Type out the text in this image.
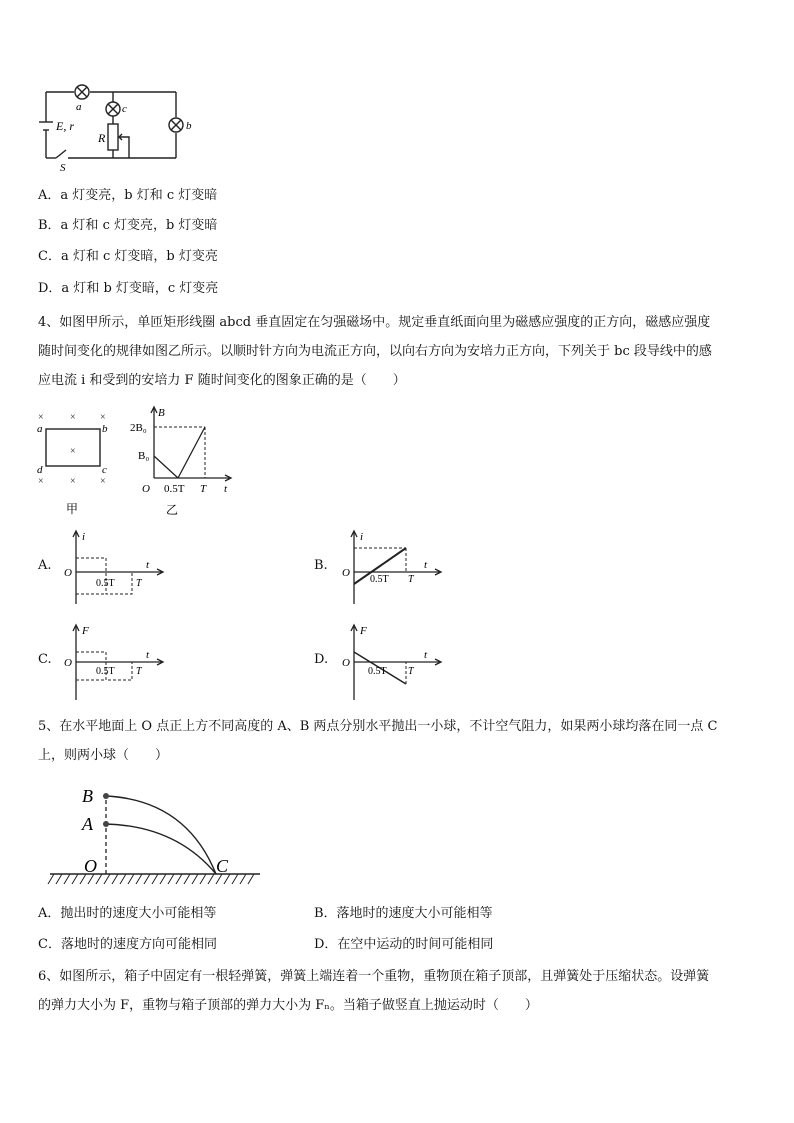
a	c
b
E, r
R
S
A．a 灯变亮，b 灯和 c 灯变暗
B．a 灯和 c 灯变亮，b 灯变暗
C．a 灯和 c 灯变暗，b 灯变亮
D．a 灯和 b 灯变暗，c 灯变亮
4、如图甲所示，单匝矩形线圈 abcd 垂直固定在匀强磁场中。规定垂直纸面向里为磁感应强度的正方向，磁感应强度
随时间变化的规律如图乙所示。以顺时针方向为电流正方向，以向右方向为安培力正方向，下列关于 bc 段导线中的感
应电流 i 和受到的安培力 F 随时间变化的图象正确的是（　　）
×	× ×
×
×	× ×
a	b
c
d
甲
B
2B₀
B₀
O 0.5T T t
乙
A.
i
O
0.5T T
t	B.
i
O
0.5T T
t
C.
F
O
0.5T T
t	D.
F
O
0.5T T
t
5、在水平地面上 O 点正上方不同高度的 A、B 两点分别水平抛出一小球，不计空气阻力，如果两小球均落在同一点 C
上，则两小球（　　）
B
A
O	C
A．抛出时的速度大小可能相等	B．落地时的速度大小可能相等
C．落地时的速度方向可能相同	D．在空中运动的时间可能相同
6、如图所示，箱子中固定有一根轻弹簧，弹簧上端连着一个重物，重物顶在箱子顶部，且弹簧处于压缩状态。设弹簧
的弹力大小为 F，重物与箱子顶部的弹力大小为 Fₙ。当箱子做竖直上抛运动时（　　）
